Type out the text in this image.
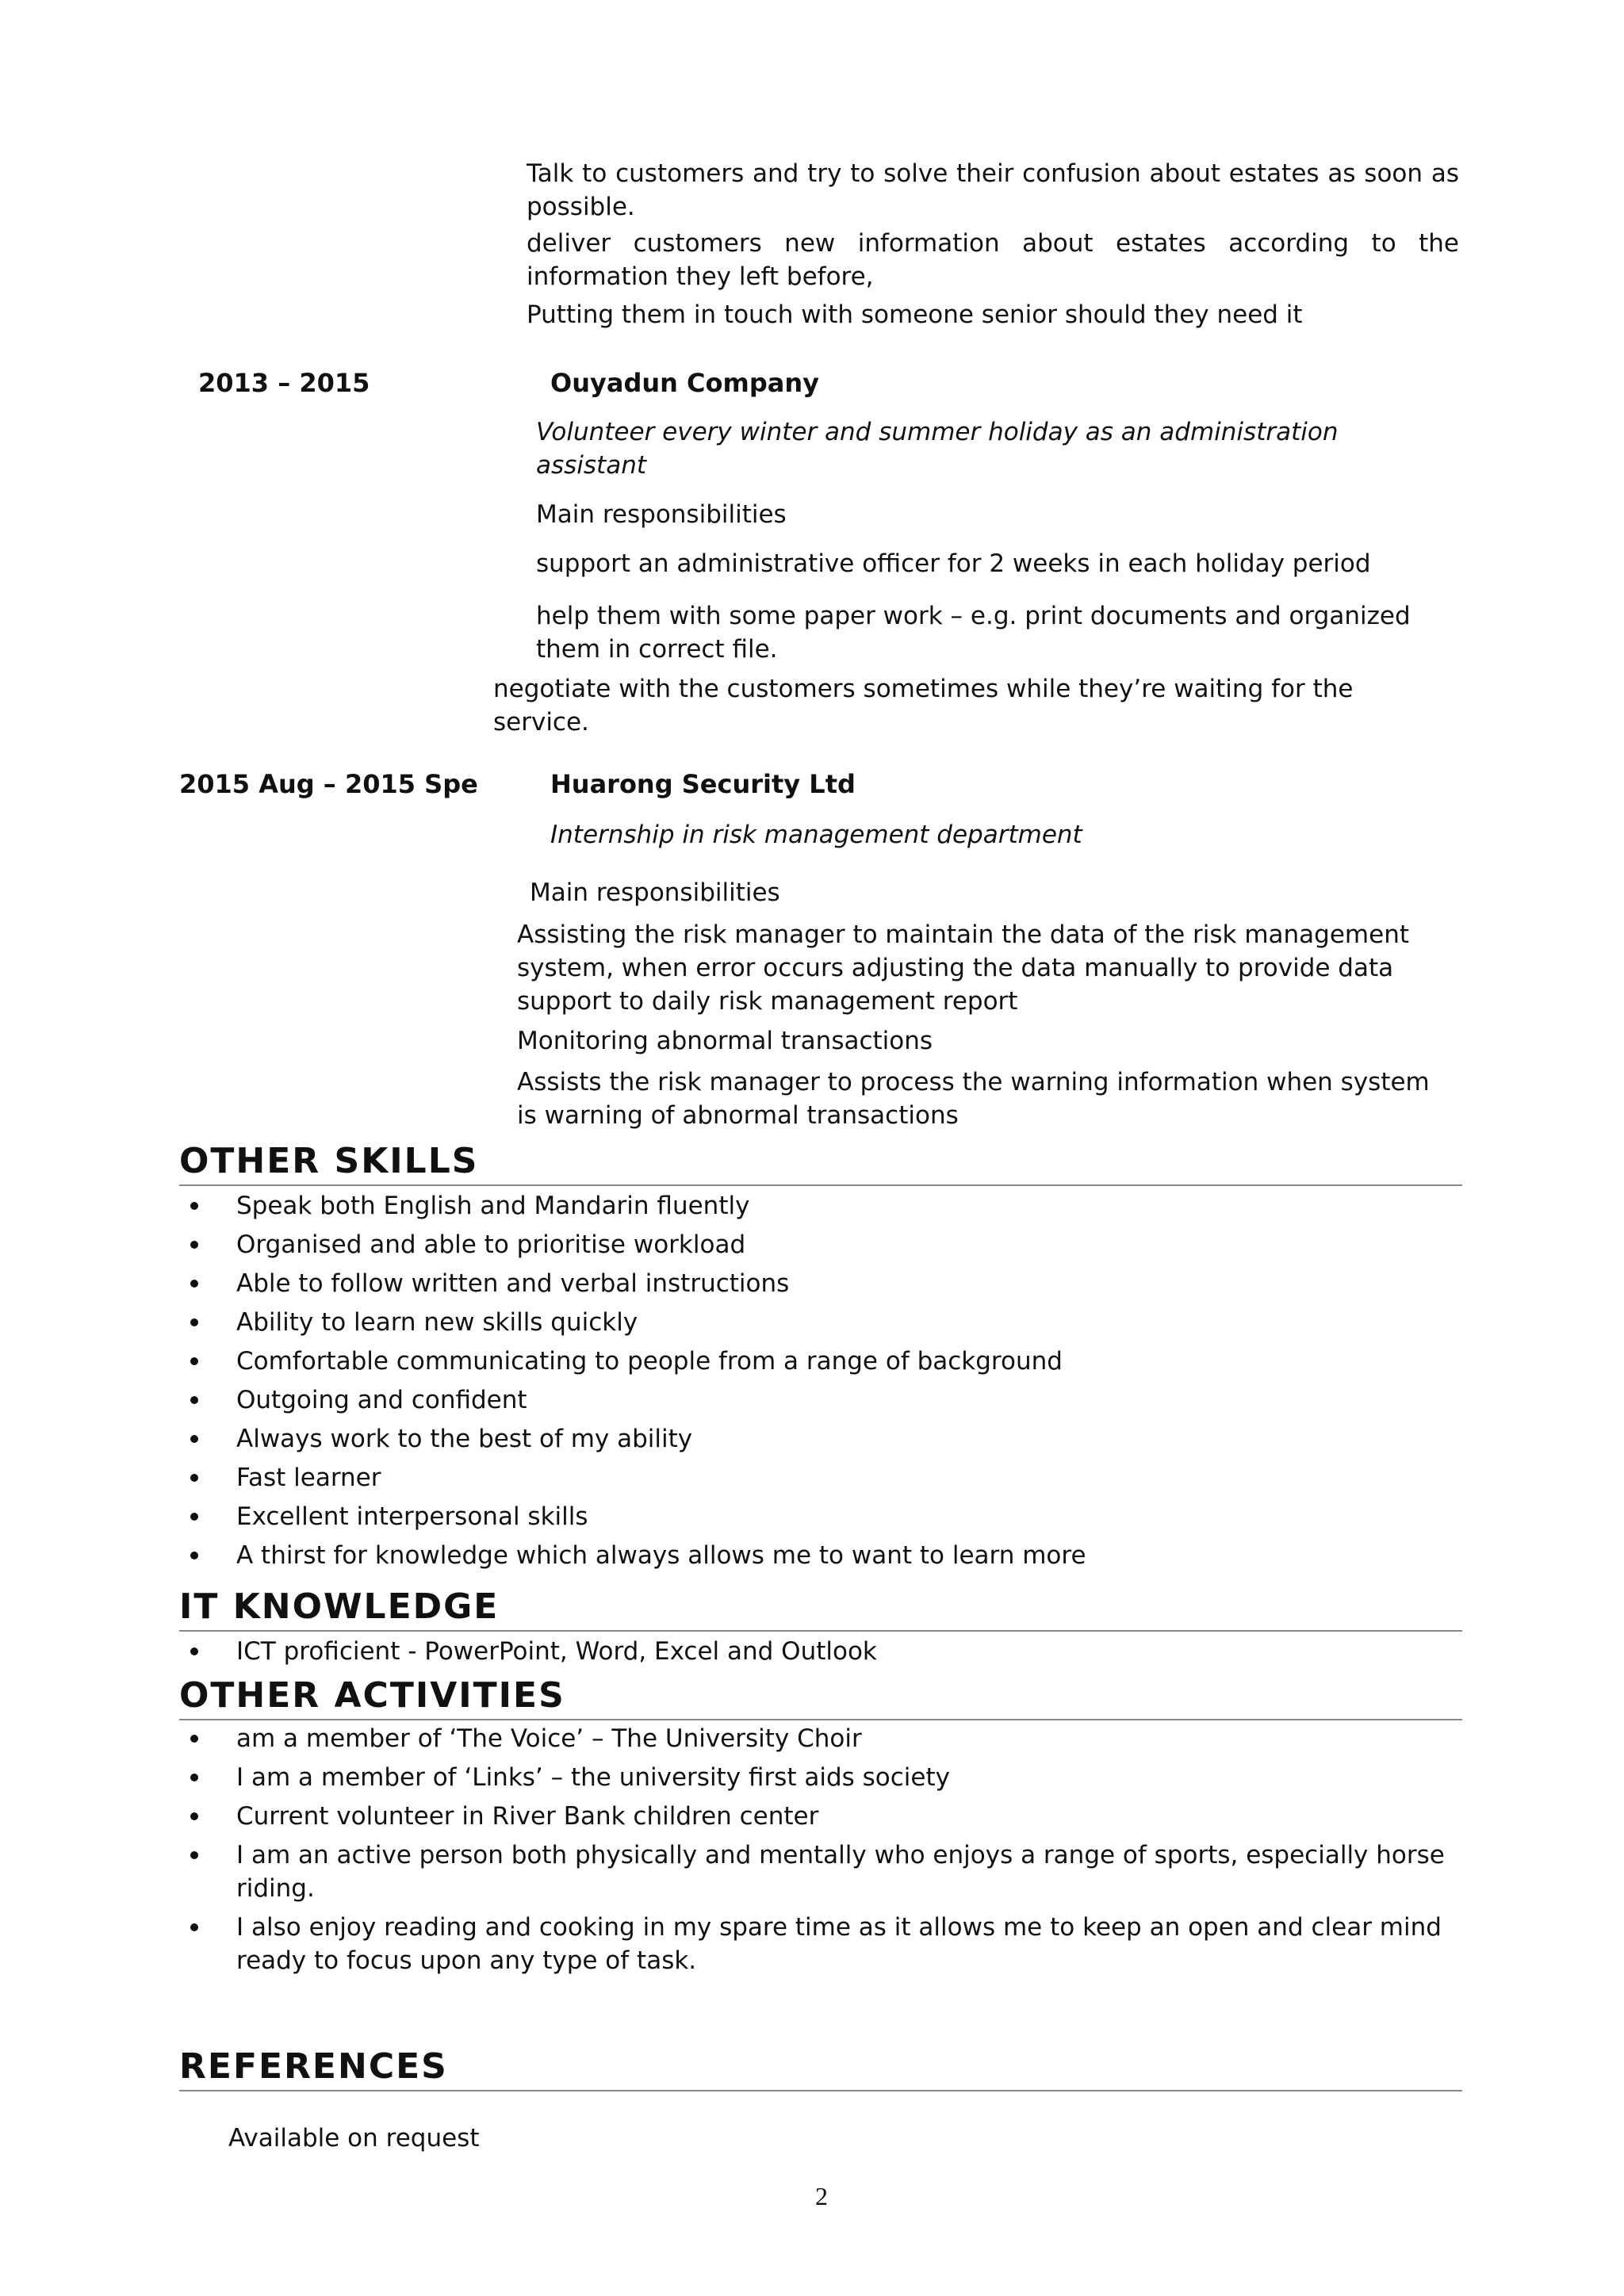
Talk to customers and try to solve their confusion about estates as soon as possible.
deliver customers new information about estates according to the information they left before,
Putting them in touch with someone senior should they need it
2013 – 2015	Ouyadun Company
Volunteer every winter and summer holiday as an administration assistant
Main responsibilities
support an administrative officer for 2 weeks in each holiday period
help them with some paper work – e.g. print documents and organized them in correct file.
negotiate with the customers sometimes while they’re waiting for the service.
2015 Aug – 2015 Spe	Huarong Security Ltd
Internship in risk management department
Main responsibilities
Assisting the risk manager to maintain the data of the risk management system, when error occurs adjusting the data manually to provide data support to daily risk management report
Monitoring abnormal transactions
Assists the risk manager to process the warning information when system is warning of abnormal transactions
OTHER SKILLS
Speak both English and Mandarin fluently
Organised and able to prioritise workload
Able to follow written and verbal instructions
Ability to learn new skills quickly
Comfortable communicating to people from a range of background
Outgoing and confident
Always work to the best of my ability
Fast learner
Excellent interpersonal skills
A thirst for knowledge which always allows me to want to learn more
IT KNOWLEDGE
ICT proficient - PowerPoint, Word, Excel and Outlook
OTHER ACTIVITIES
am a member of ‘The Voice’ – The University Choir
I am a member of ‘Links’ – the university first aids society
Current volunteer in River Bank children center
I am an active person both physically and mentally who enjoys a range of sports, especially horse riding.
I also enjoy reading and cooking in my spare time as it allows me to keep an open and clear mind ready to focus upon any type of task.
REFERENCES
Available on request
2
